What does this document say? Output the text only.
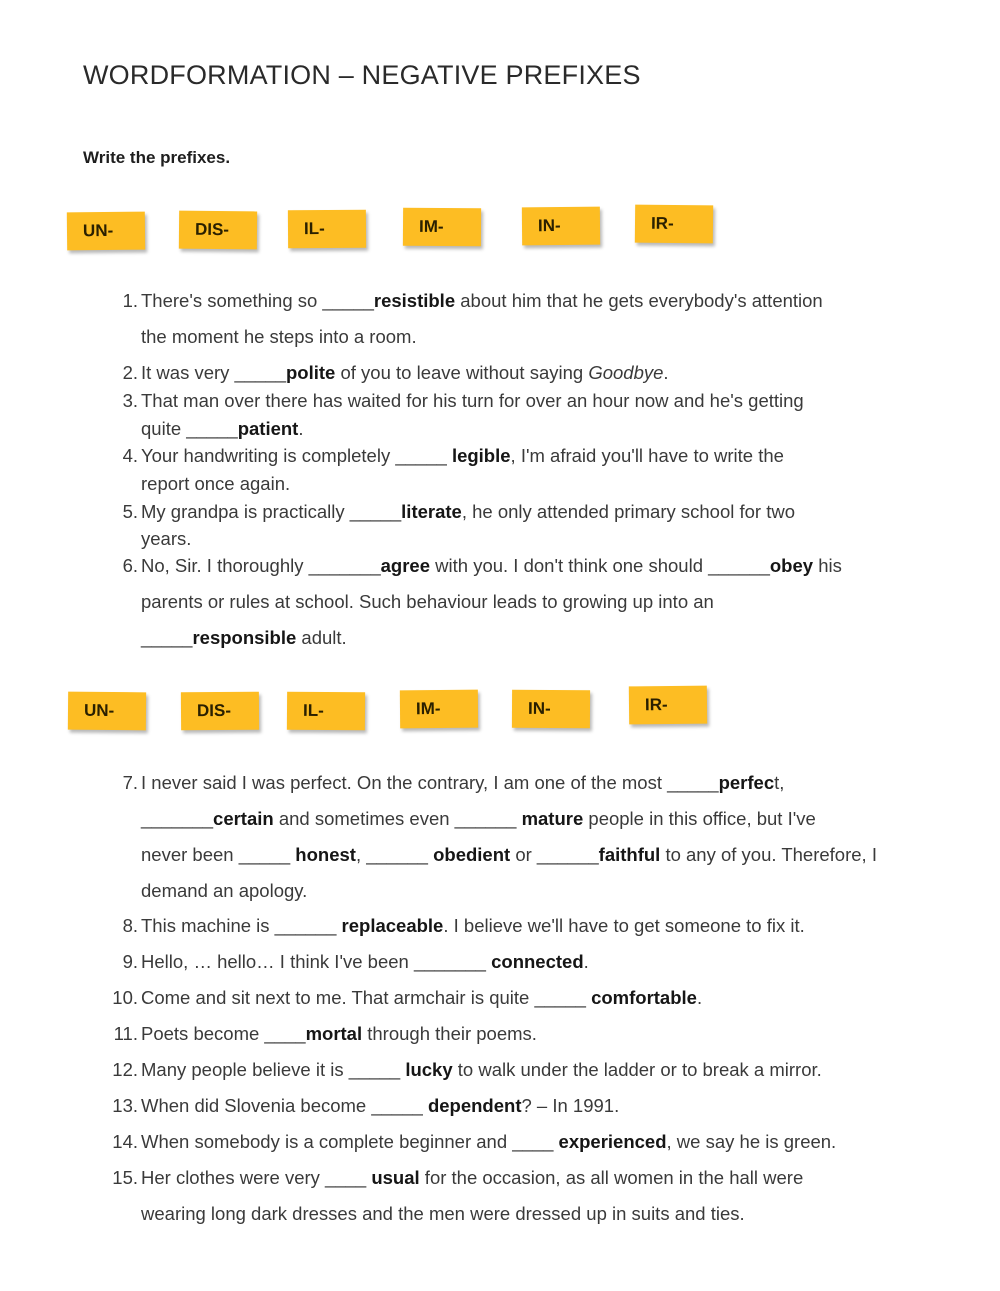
WORDFORMATION – NEGATIVE PREFIXES
Write the prefixes.
UN-	DIS-	IL-	IM-	IN-	IR-
1. There's something so _____resistible about him that he gets everybody's attention
the moment he steps into a room.
2. It was very _____polite of you to leave without saying Goodbye.
3. That man over there has waited for his turn for over an hour now and he's getting
quite _____patient.
4. Your handwriting is completely _____ legible, I'm afraid you'll have to write the
report once again.
5. My grandpa is practically _____literate, he only attended primary school for two
years.
6. No, Sir. I thoroughly _______agree with you. I don't think one should ______obey his
parents or rules at school. Such behaviour leads to growing up into an
_____responsible adult.
UN-	DIS-	IL-	IM-	IN-	IR-
7. I never said I was perfect. On the contrary, I am one of the most _____perfect,
_______certain and sometimes even ______ mature people in this office, but I've
never been _____ honest, ______ obedient or ______faithful to any of you. Therefore, I
demand an apology.
8. This machine is ______ replaceable. I believe we'll have to get someone to fix it.
9. Hello, … hello… I think I've been _______ connected.
10. Come and sit next to me. That armchair is quite _____ comfortable.
11. Poets become ____mortal through their poems.
12. Many people believe it is _____ lucky to walk under the ladder or to break a mirror.
13. When did Slovenia become _____ dependent? – In 1991.
14. When somebody is a complete beginner and ____ experienced, we say he is green.
15. Her clothes were very ____ usual for the occasion, as all women in the hall were
wearing long dark dresses and the men were dressed up in suits and ties.
